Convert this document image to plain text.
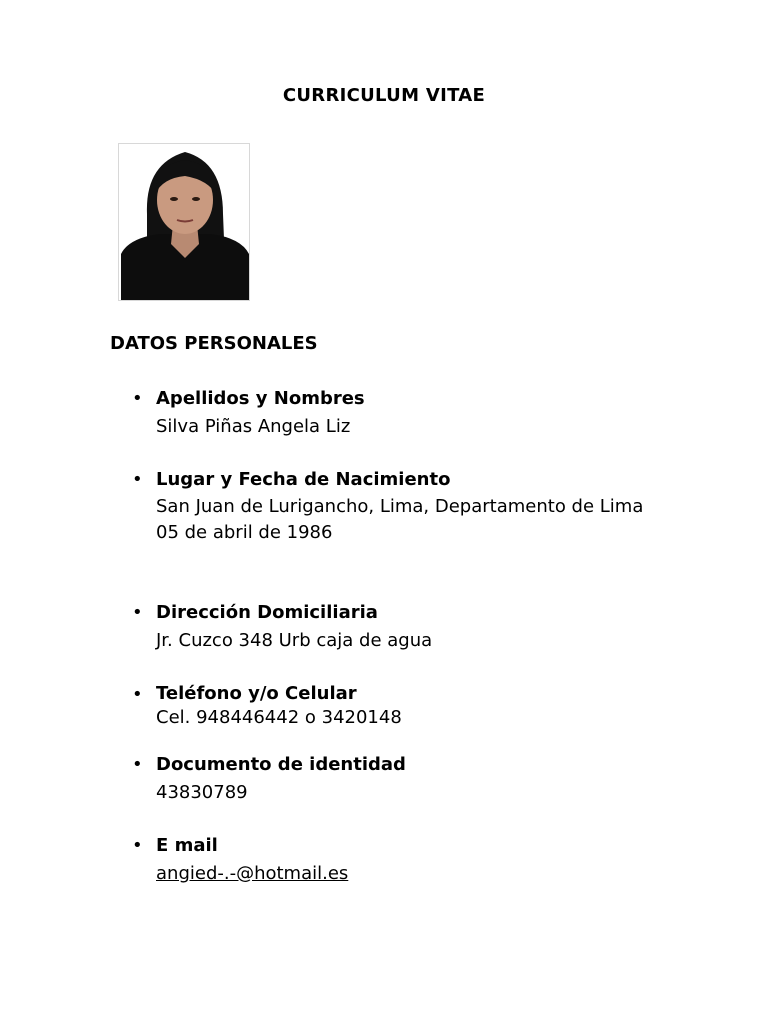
CURRICULUM VITAE
DATOS PERSONALES
• Apellidos y Nombres
Silva Piñas Angela Liz
• Lugar y Fecha de Nacimiento
San Juan de Lurigancho, Lima, Departamento de Lima
05 de abril de 1986
• Dirección Domiciliaria
Jr. Cuzco 348 Urb caja de agua
• Teléfono y/o Celular
Cel. 948446442 o 3420148
• Documento de identidad
43830789
• E mail
angied-.-@hotmail.es
